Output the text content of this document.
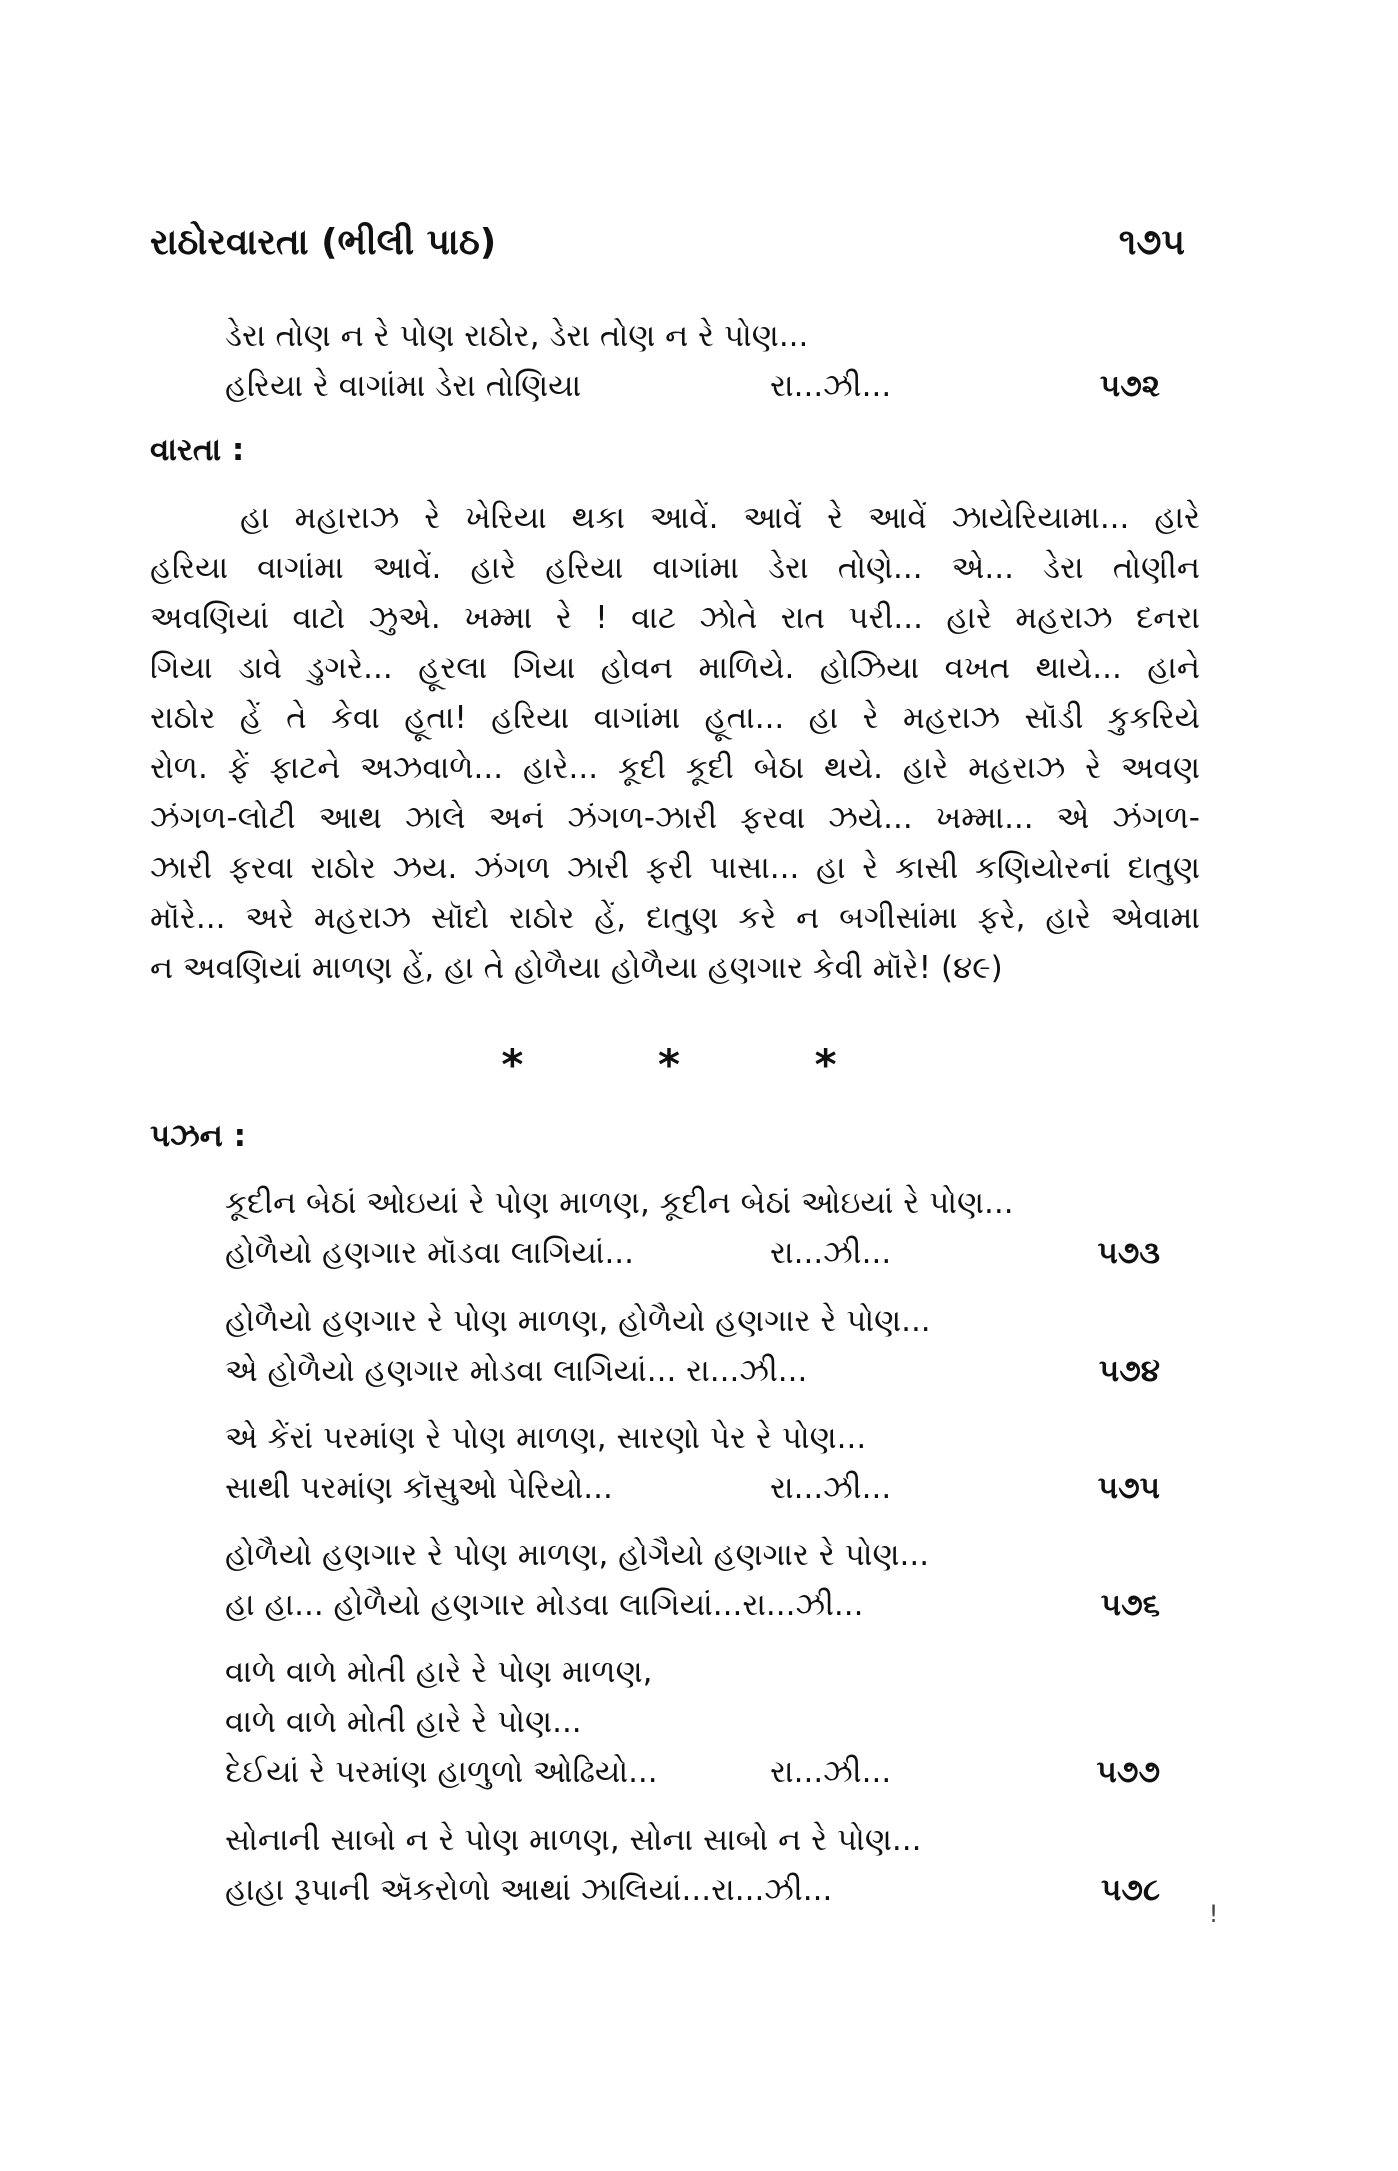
રાઠોરવારતા (ભીલી પાઠ)	૧૭૫
ડેરા તોણ ન રે પોણ રાઠોર, ડેરા તોણ ન રે પોણ...
હરિયા રે વાગાંમા ડેરા તોણિયા	રા...ઝી...	૫૭૨
વારતા :
હા મહારાઝ રે ખેરિયા થકા આવેં. આવેં રે આવેં ઝાયેરિયામા... હારે
હરિયા વાગાંમા આવેં. હારે હરિયા વાગાંમા ડેરા તોણે... એ... ડેરા તોણીન
અવણિયાં વાટો ઝુએ. ખમ્મા રે ! વાટ ઝોતે રાત પરી... હારે મહરાઝ દનરા
ગિયા ડાવે ડુગરે... હૂરલા ગિયા હોવન માળિયે. હોઝિયા વખત થાયે... હાને
રાઠોર હેં તે કેવા હૂતા! હરિયા વાગાંમા હૂતા... હા રે મહરાઝ સૉડી કુકરિયે
રોળ. ફેં ફાટને અઝવાળે... હારે... કૂદી કૂદી બેઠા થયે. હારે મહરાઝ રે અવણ
ઝંગળ-લોટી આથ ઝાલે અનં ઝંગળ-ઝારી ફરવા ઝયે... ખમ્મા... એ ઝંગળ-
ઝારી ફરવા રાઠોર ઝય. ઝંગળ ઝારી ફરી પાસા... હા રે કાસી કણિયોરનાં દાતુણ
મૉરે... અરે મહરાઝ સૉદો રાઠોર હેં, દાતુણ કરે ન બગીસાંમા ફરે, હારે એવામા
ન અવણિયાં માળણ હેં, હા તે હોળૈયા હોળૈયા હણગાર કેવી મૉરે! (૪૯)
* * *
પઝન :
કૂદીન બેઠાં ઓઇયાં રે પોણ માળણ, કૂદીન બેઠાં ઓઇયાં રે પોણ...
હોળૈયો હણગાર મૉડવા લાગિયાં...	રા...ઝી...	૫૭૩
હોળૈયો હણગાર રે પોણ માળણ, હોળૈયો હણગાર રે પોણ...
એ હોળૈયો હણગાર મોડવા લાગિયાં... રા...ઝી...	૫૭૪
એ કેંરાં પરમાંણ રે પોણ માળણ, સારણો પેર રે પોણ...
સાથી પરમાંણ કૉસુઓ પેરિયો...	રા...ઝી...	૫૭૫
હોળૈયો હણગાર રે પોણ માળણ, હોગૈયો હણગાર રે પોણ...
હા હા... હોળૈયો હણગાર મોડવા લાગિયાં...રા...ઝી...	૫૭૬
વાળે વાળે મોતી હારે રે પોણ માળણ,
વાળે વાળે મોતી હારે રે પોણ...
દેઈયાં રે પરમાંણ હાળુળો ઓઢિયો...	રા...ઝી...	૫૭૭
સોનાની સાબો ન રે પોણ માળણ, સોના સાબો ન રે પોણ...
હાહા રૂપાની ઍકરોળો આથાં ઝાલિયાં...રા...ઝી...	૫૭૮
ǃ
